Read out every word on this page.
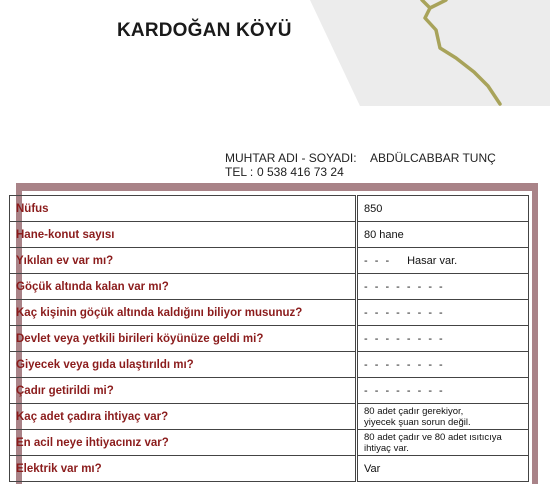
KARDOĞAN KÖYÜ
MUHTAR ADI - SOYADI: ABDÜLCABBAR TUNÇ
TEL : 0 538 416 73 24
Nüfus	850
Hane-konut sayısı	80 hane
Yıkılan ev var mı?	- - - Hasar var.
Göçük altında kalan var mı?	- - - - - - - -
Kaç kişinin göçük altında kaldığını biliyor musunuz?	- - - - - - - -
Devlet veya yetkili birileri köyünüze geldi mi?	- - - - - - - -
Giyecek veya gıda ulaştırıldı mı?	- - - - - - - -
Çadır getirildi mi?	- - - - - - - -
Kaç adet çadıra ihtiyaç var?	80 adet çadır gerekiyor,
yiyecek şuan sorun değil.

En acil neye ihtiyacınız var?	80 adet çadır ve 80 adet ısıtıcıya
ihtiyaç var.

Elektrik var mı?	Var
